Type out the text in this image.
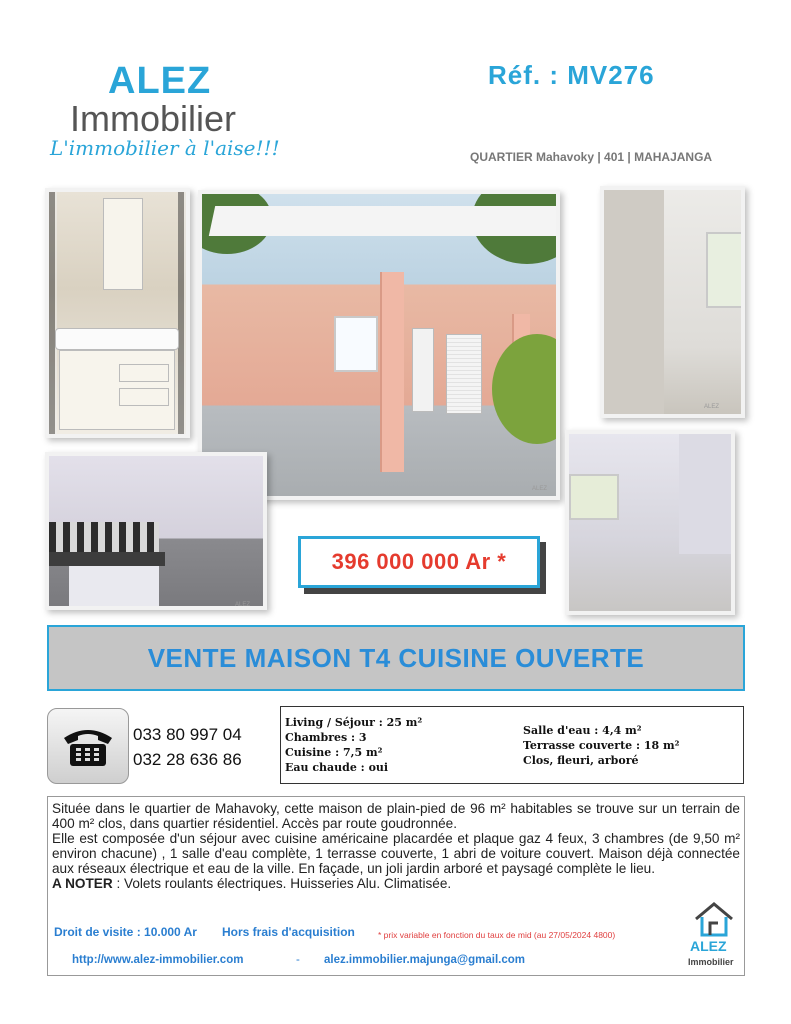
ALEZ
Immobilier
L'immobilier à l'aise!!!
Réf. : MV276
QUARTIER Mahavoky | 401 | MAHAJANGA
ALEZ
ALEZ
ALEZ
396 000 000 Ar *
VENTE MAISON T4 CUISINE OUVERTE
033 80 997 04
032 28 636 86
Living / Séjour : 25 m²
Chambres : 3
Cuisine : 7,5 m²
Eau chaude : oui
Salle d'eau : 4,4 m²
Terrasse couverte : 18 m²
Clos, fleuri, arboré

Située dans le quartier de Mahavoky, cette maison de plain-pied de 96 m² habitables se trouve sur un terrain de 400 m² clos, dans quartier résidentiel. Accès par route goudronnée.

Elle est composée d'un séjour avec cuisine américaine placardée et plaque gaz 4 feux, 3 chambres (de 9,50 m² environ chacune) , 1 salle d'eau complète, 1 terrasse couverte, 1 abri de voiture couvert. Maison déjà connectée aux réseaux électrique et eau de la ville. En façade, un joli jardin arboré et paysagé complète le lieu.

A NOTER : Volets roulants électriques. Huisseries Alu. Climatisée.

Droit de visite : 10.000 Ar Hors frais d'acquisition	* prix variable en fonction du taux de mid (au 27/05/2024 4800)
http://www.alez-immobilier.com	- alez.immobilier.majunga@gmail.com
ALEZ
Immobilier
